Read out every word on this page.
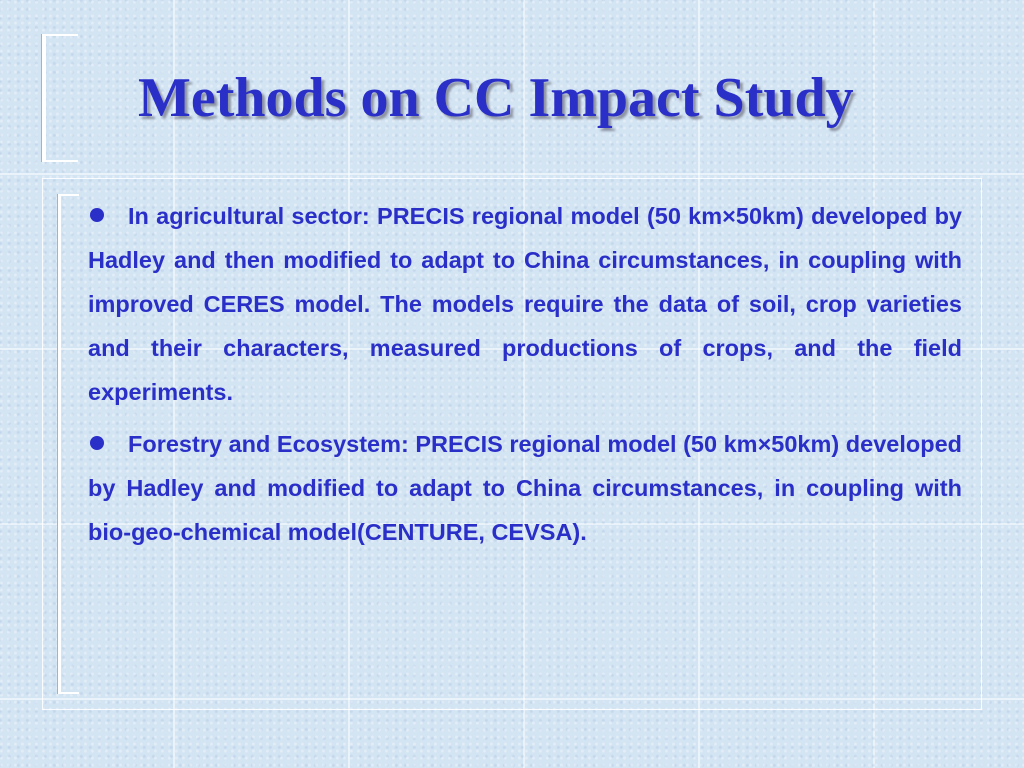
Methods on CC Impact Study
In agricultural sector: PRECIS regional model (50 km×50km) developed by Hadley and then modified to adapt to China circumstances, in coupling with improved CERES model. The models require the data of soil, crop varieties and their characters, measured productions of crops, and the field experiments.
Forestry and Ecosystem: PRECIS regional model (50 km×50km) developed by Hadley and modified to adapt to China circumstances, in coupling with bio-geo-chemical model(CENTURE, CEVSA).
